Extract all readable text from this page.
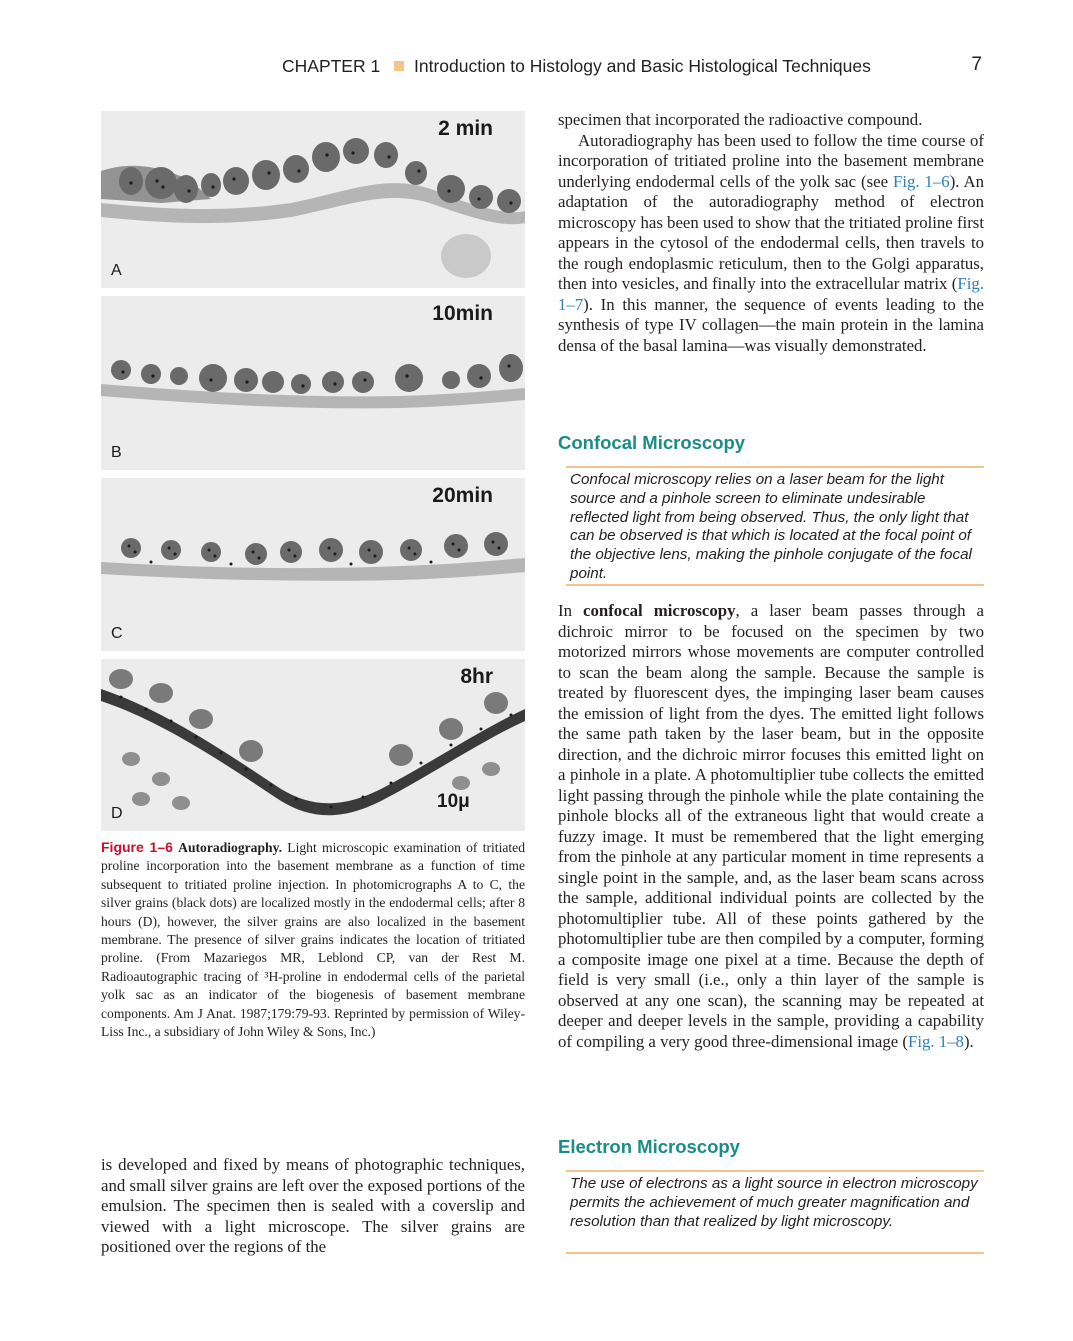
CHAPTER 1 Introduction to Histology and Basic Histological Techniques	7
2 min
A
10min
B
20min
C
8hr
D
10μ
Figure 1–6 Autoradiography. Light microscopic examination of tritiated proline incorporation into the basement membrane as a function of time subsequent to tritiated proline injection. In photomicrographs A to C, the silver grains (black dots) are localized mostly in the endodermal cells; after 8 hours (D), however, the silver grains are also localized in the basement membrane. The presence of silver grains indicates the location of tritiated proline. (From Mazariegos MR, Leblond CP, van der Rest M. Radioautographic tracing of ³H-proline in endodermal cells of the parietal yolk sac as an indicator of the biogenesis of basement membrane components. Am J Anat. 1987;179:79-93. Reprinted by permission of Wiley-Liss Inc., a subsidiary of John Wiley & Sons, Inc.)

is developed and fixed by means of photographic techniques, and small silver grains are left over the exposed portions of the emulsion. The specimen then is sealed with a coverslip and viewed with a light microscope. The silver grains are positioned over the regions of the

specimen that incorporated the radioactive compound.

Autoradiography has been used to follow the time course of incorporation of tritiated proline into the basement membrane underlying endodermal cells of the yolk sac (see Fig. 1–6). An adaptation of the autoradiography method of electron microscopy has been used to show that the tritiated proline first appears in the cytosol of the endodermal cells, then travels to the rough endoplasmic reticulum, then to the Golgi apparatus, then into vesicles, and finally into the extracellular matrix (Fig. 1–7). In this manner, the sequence of events leading to the synthesis of type IV collagen—the main protein in the lamina densa of the basal lamina—was visually demonstrated.

Confocal Microscopy
Confocal microscopy relies on a laser beam for the light source and a pinhole screen to eliminate undesirable reflected light from being observed. Thus, the only light that can be observed is that which is located at the focal point of the objective lens, making the pinhole conjugate of the focal point.

In confocal microscopy, a laser beam passes through a dichroic mirror to be focused on the specimen by two motorized mirrors whose movements are computer controlled to scan the beam along the sample. Because the sample is treated by fluorescent dyes, the impinging laser beam causes the emission of light from the dyes. The emitted light follows the same path taken by the laser beam, but in the opposite direction, and the dichroic mirror focuses this emitted light on a pinhole in a plate. A photomultiplier tube collects the emitted light passing through the pinhole while the plate containing the pinhole blocks all of the extraneous light that would create a fuzzy image. It must be remembered that the light emerging from the pinhole at any particular moment in time represents a single point in the sample, and, as the laser beam scans across the sample, additional individual points are collected by the photomultiplier tube. All of these points gathered by the photomultiplier tube are then compiled by a computer, forming a composite image one pixel at a time. Because the depth of field is very small (i.e., only a thin layer of the sample is observed at any one scan), the scanning may be repeated at deeper and deeper levels in the sample, providing a capability of compiling a very good three-dimensional image (Fig. 1–8).

Electron Microscopy
The use of electrons as a light source in electron microscopy permits the achievement of much greater magnification and resolution than that realized by light microscopy.
